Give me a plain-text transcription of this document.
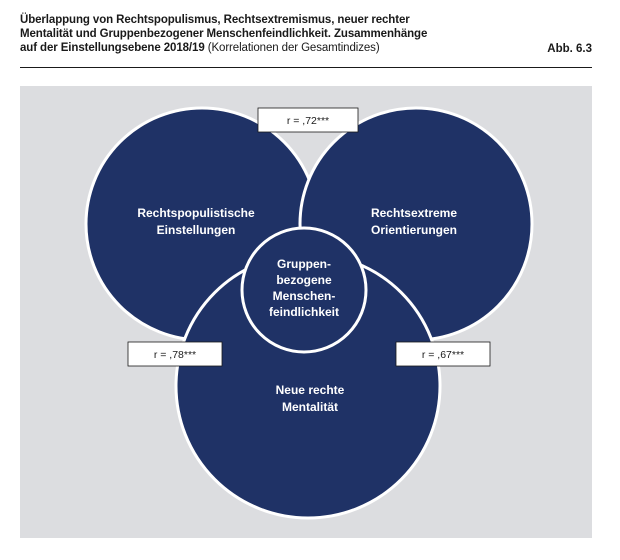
Überlappung von Rechtspopulismus, Rechtsextremismus, neuer rechter
Mentalität und Gruppenbezogener Menschenfeindlichkeit. Zusammenhänge
auf der Einstellungsebene 2018/19 (Korrelationen der Gesamtindizes)	Abb. 6.3
Rechtspopulistische
Einstellungen
Rechtsextreme
Orientierungen
Neue rechte
Mentalität
Gruppen-
bezogene
Menschen-
feindlichkeit
r = ,72***
r = ,78***	r = ,67***
